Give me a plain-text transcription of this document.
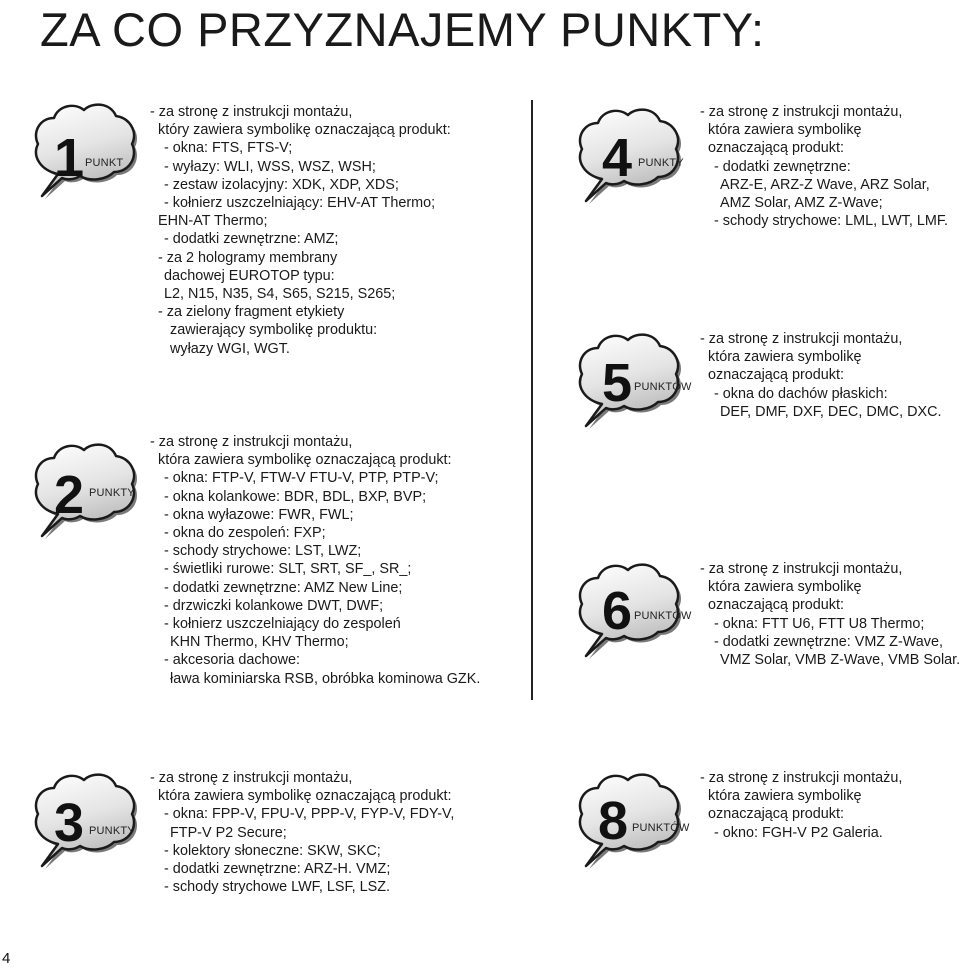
ZA CO PRZYZNAJEMY PUNKTY:
1 PUNKT
- za stronę z instrukcji montażu,
który zawiera symbolikę oznaczającą produkt:
- okna: FTS, FTS-V;
- wyłazy: WLI, WSS, WSZ, WSH;
- zestaw izolacyjny: XDK, XDP, XDS;
- kołnierz uszczelniający: EHV-AT Thermo;
EHN-AT Thermo;
- dodatki zewnętrzne: AMZ;
- za 2 hologramy membrany
dachowej EUROTOP typu:
L2, N15, N35, S4, S65, S215, S265;
- za zielony fragment etykiety
zawierający symbolikę produktu:
wyłazy WGI, WGT.
2 PUNKTY
- za stronę z instrukcji montażu,
która zawiera symbolikę oznaczającą produkt:
- okna: FTP-V, FTW-V FTU-V, PTP, PTP-V;
- okna kolankowe: BDR, BDL, BXP, BVP;
- okna wyłazowe: FWR, FWL;
- okna do zespoleń: FXP;
- schody strychowe: LST, LWZ;
- świetliki rurowe: SLT, SRT, SF_, SR_;
- dodatki zewnętrzne: AMZ New Line;
- drzwiczki kolankowe DWT, DWF;
- kołnierz uszczelniający do zespoleń
KHN Thermo, KHV Thermo;
- akcesoria dachowe:
ława kominiarska RSB, obróbka kominowa GZK.
3 PUNKTY
- za stronę z instrukcji montażu,
która zawiera symbolikę oznaczającą produkt:
- okna: FPP-V, FPU-V, PPP-V, FYP-V, FDY-V,
FTP-V P2 Secure;
- kolektory słoneczne: SKW, SKC;
- dodatki zewnętrzne: ARZ-H. VMZ;
- schody strychowe LWF, LSF, LSZ.
4 PUNKTY
- za stronę z instrukcji montażu,
która zawiera symbolikę
oznaczającą produkt:
- dodatki zewnętrzne:
ARZ-E, ARZ-Z Wave, ARZ Solar,
AMZ Solar, AMZ Z-Wave;
- schody strychowe: LML, LWT, LMF.
5 PUNKTÓW
- za stronę z instrukcji montażu,
która zawiera symbolikę
oznaczającą produkt:
- okna do dachów płaskich:
DEF, DMF, DXF, DEC, DMC, DXC.
6 PUNKTÓW
- za stronę z instrukcji montażu,
która zawiera symbolikę
oznaczającą produkt:
- okna: FTT U6, FTT U8 Thermo;
- dodatki zewnętrzne: VMZ Z-Wave,
VMZ Solar, VMB Z-Wave, VMB Solar.
8 PUNKTÓW
- za stronę z instrukcji montażu,
która zawiera symbolikę
oznaczającą produkt:
- okno: FGH-V P2 Galeria.
4
